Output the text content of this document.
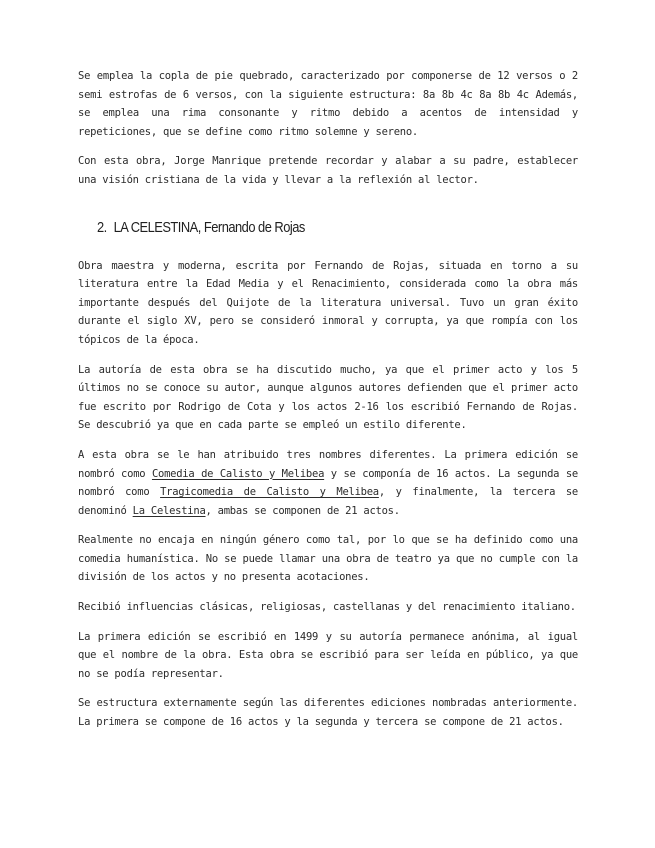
Se emplea la copla de pie quebrado, caracterizado por componerse de 12 versos o 2 semi estrofas de 6 versos, con la siguiente estructura: 8a 8b 4c 8a 8b 4c Además, se emplea una rima consonante y ritmo debido a acentos de intensidad y repeticiones, que se define como ritmo solemne y sereno.

Con esta obra, Jorge Manrique pretende recordar y alabar a su padre, establecer una visión cristiana de la vida y llevar a la reflexión al lector.

2. LA CELESTINA, Fernando de Rojas

Obra maestra y moderna, escrita por Fernando de Rojas, situada en torno a su literatura entre la Edad Media y el Renacimiento, considerada como la obra más importante después del Quijote de la literatura universal. Tuvo un gran éxito durante el siglo XV, pero se consideró inmoral y corrupta, ya que rompía con los tópicos de la época.

La autoría de esta obra se ha discutido mucho, ya que el primer acto y los 5 últimos no se conoce su autor, aunque algunos autores defienden que el primer acto fue escrito por Rodrigo de Cota y los actos 2-16 los escribió Fernando de Rojas. Se descubrió ya que en cada parte se empleó un estilo diferente.

A esta obra se le han atribuido tres nombres diferentes. La primera edición se nombró como Comedia de Calisto y Melibea y se componía de 16 actos. La segunda se nombró como Tragicomedia de Calisto y Melibea, y finalmente, la tercera se denominó La Celestina, ambas se componen de 21 actos.

Realmente no encaja en ningún género como tal, por lo que se ha definido como una comedia humanística. No se puede llamar una obra de teatro ya que no cumple con la división de los actos y no presenta acotaciones.

Recibió influencias clásicas, religiosas, castellanas y del renacimiento italiano.

La primera edición se escribió en 1499 y su autoría permanece anónima, al igual que el nombre de la obra. Esta obra se escribió para ser leída en público, ya que no se podía representar.

Se estructura externamente según las diferentes ediciones nombradas anteriormente. La primera se compone de 16 actos y la segunda y tercera se compone de 21 actos.
